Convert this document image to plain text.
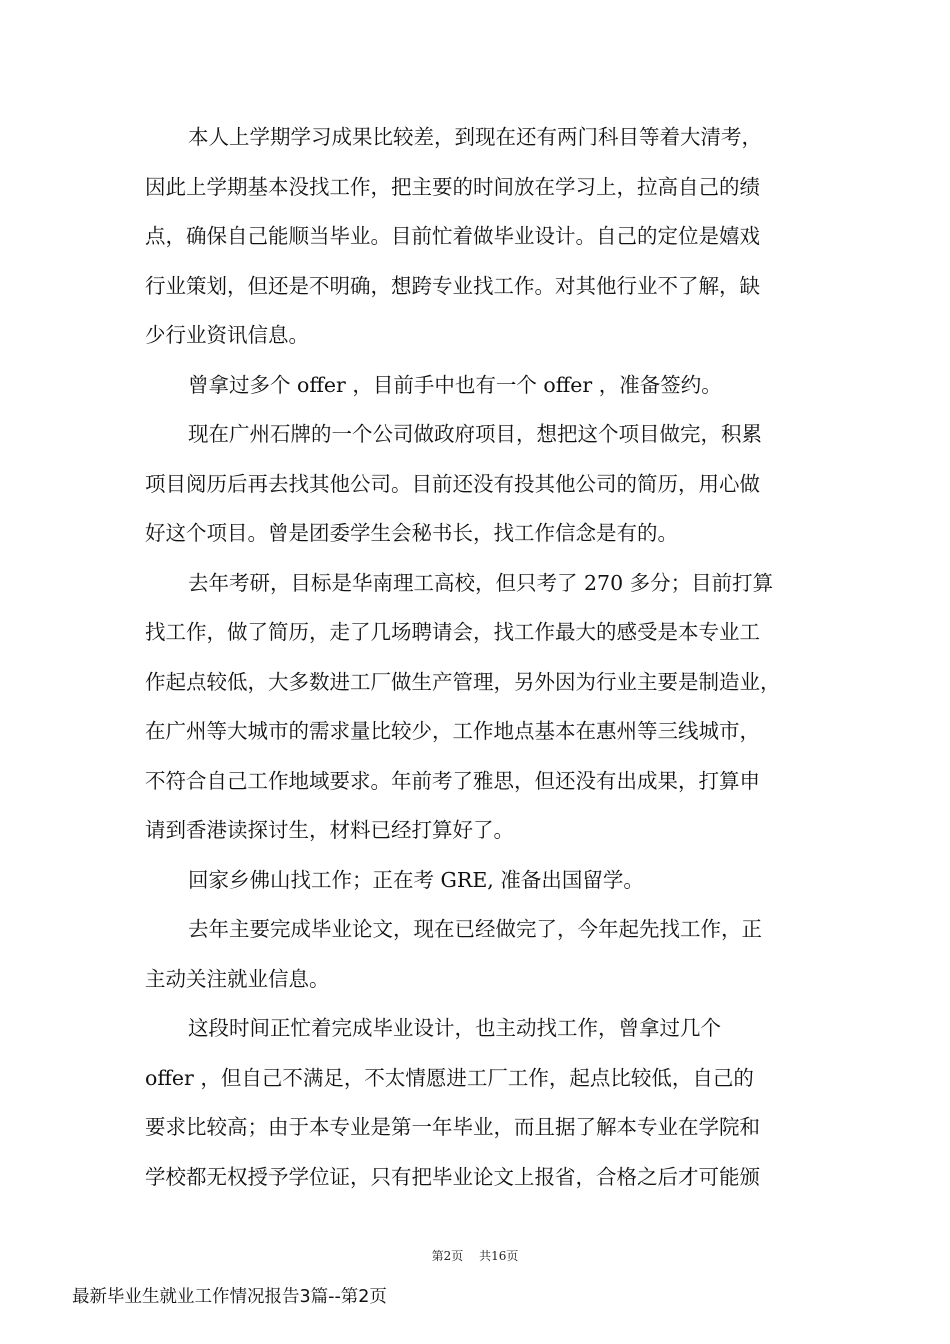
本人上学期学习成果比较差，到现在还有两门科目等着大清考，
因此上学期基本没找工作，把主要的时间放在学习上，拉高自己的绩
点，确保自己能顺当毕业。目前忙着做毕业设计。自己的定位是嬉戏
行业策划，但还是不明确，想跨专业找工作。对其他行业不了解，缺
少行业资讯信息。
曾拿过多个 offer ，目前手中也有一个 offer ，准备签约。
现在广州石牌的一个公司做政府项目，想把这个项目做完，积累
项目阅历后再去找其他公司。目前还没有投其他公司的简历，用心做
好这个项目。曾是团委学生会秘书长，找工作信念是有的。
去年考研，目标是华南理工高校，但只考了 270 多分；目前打算
找工作，做了简历，走了几场聘请会，找工作最大的感受是本专业工
作起点较低，大多数进工厂做生产管理，另外因为行业主要是制造业，
在广州等大城市的需求量比较少，工作地点基本在惠州等三线城市，
不符合自己工作地域要求。年前考了雅思，但还没有出成果，打算申
请到香港读探讨生，材料已经打算好了。
回家乡佛山找工作；正在考 GRE, 准备出国留学。
去年主要完成毕业论文，现在已经做完了，今年起先找工作，正
主动关注就业信息。
这段时间正忙着完成毕业设计，也主动找工作，曾拿过几个
offer ，但自己不满足，不太情愿进工厂工作，起点比较低，自己的
要求比较高；由于本专业是第一年毕业，而且据了解本专业在学院和
学校都无权授予学位证，只有把毕业论文上报省，合格之后才可能颁
第2页　 共16页
最新毕业生就业工作情况报告3篇--第2页
